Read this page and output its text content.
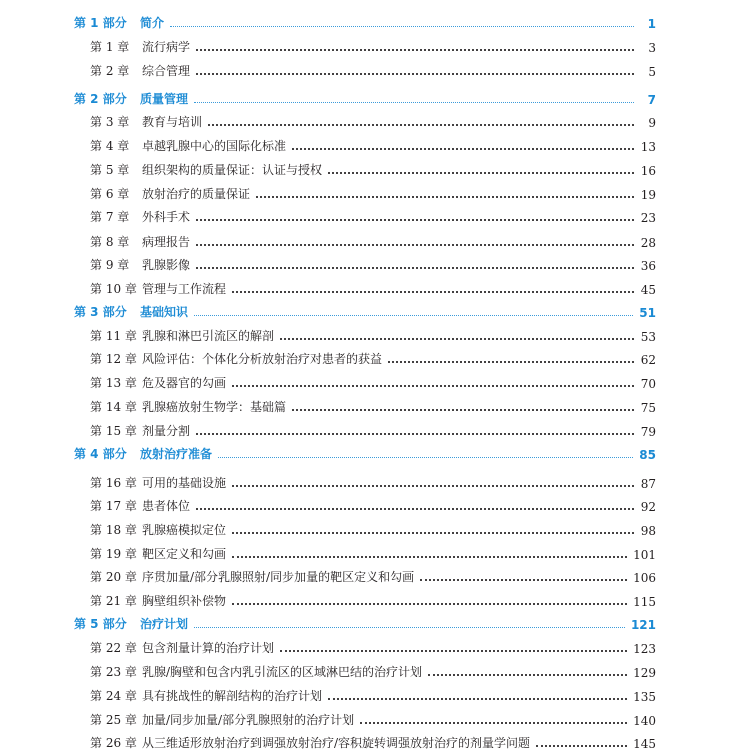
第 1 部分	简介	1
第 1 章	流行病学	3
第 2 章	综合管理	5
第 2 部分	质量管理	7
第 3 章	教育与培训	9
第 4 章	卓越乳腺中心的国际化标准	13
第 5 章	组织架构的质量保证：认证与授权	16
第 6 章	放射治疗的质量保证	19
第 7 章	外科手术	23
第 8 章	病理报告	28
第 9 章	乳腺影像	36
第 10 章 管理与工作流程	45
第 3 部分	基础知识	51
第 11 章 乳腺和淋巴引流区的解剖	53
第 12 章 风险评估：个体化分析放射治疗对患者的获益	62
第 13 章 危及器官的勾画	70
第 14 章 乳腺癌放射生物学：基础篇	75
第 15 章 剂量分割	79
第 4 部分	放射治疗准备	85
第 16 章 可用的基础设施	87
第 17 章 患者体位	92
第 18 章 乳腺癌模拟定位	98
第 19 章 靶区定义和勾画	101
第 20 章 序贯加量/部分乳腺照射/同步加量的靶区定义和勾画	106
第 21 章 胸壁组织补偿物	115
第 5 部分	治疗计划	121
第 22 章 包含剂量计算的治疗计划	123
第 23 章 乳腺/胸壁和包含内乳引流区的区域淋巴结的治疗计划	129
第 24 章 具有挑战性的解剖结构的治疗计划	135
第 25 章 加量/同步加量/部分乳腺照射的治疗计划	140
第 26 章 从三维适形放射治疗到调强放射治疗/容积旋转调强放射治疗的剂量学问题	145
